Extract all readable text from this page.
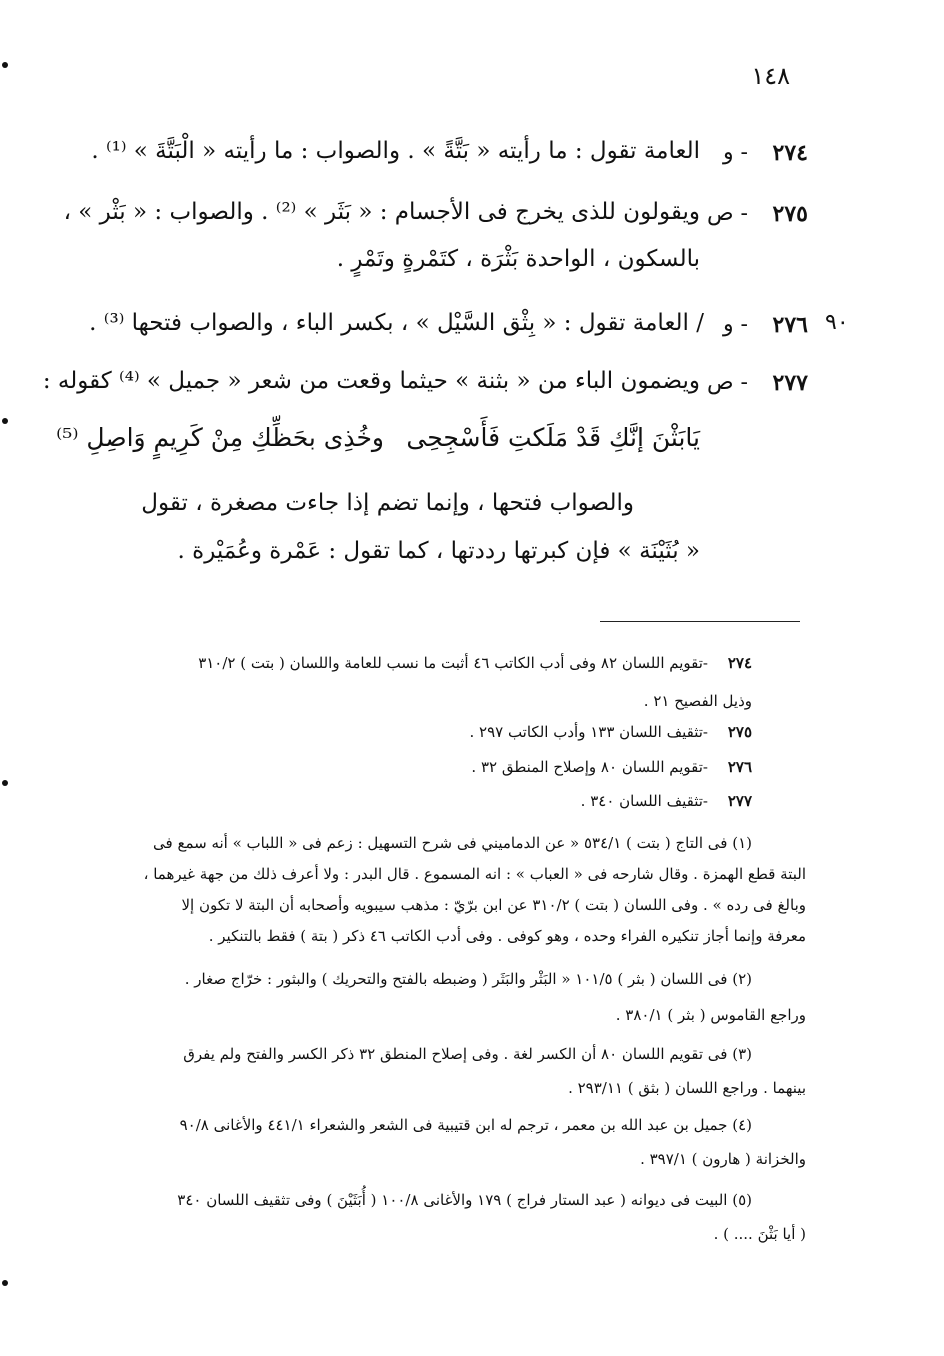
١٤٨
٢٧٤
- و
العامة تقول : ما رأيته « بَتَّةً » . والصواب : ما رأيته « الْبَتَّةَ » ⁽¹⁾ .
٢٧٥
- ص
ويقولون للذى يخرج فى الأجسام : « بَثَر » ⁽²⁾ . والصواب : « بَثْر » ،
بالسكون ، الواحدة بَثْرَة ، كتَمْرةٍ وتَمْرٍ .
٩٠
٢٧٦
- و
/ العامة تقول : « بِثْق السَّيْل » ، بكسر الباء ، والصواب فتحها ⁽³⁾ .
٢٧٧
- ص
ويضمون الباء من « بثنة » حيثما وقعت من شعر « جميل » ⁽⁴⁾ كقوله :
يَابَثْنَ إنَّكِ قَدْ مَلَكتِ فَأَسْجِحِى
وخُذِى بحَظِّكِ مِنْ كَرِيمٍ وَاصِلِ ⁽⁵⁾
والصواب فتحها ، وإنما تضم إذا جاءت مصغرة ، تقول
« بُثَيْنَة » فإن كبرتها رددتها ، كما تقول : عَمْرة وعُمَيْرة .
٢٧٤
-تقويم اللسان ٨٢ وفى أدب الكاتب ٤٦ أثبت ما نسب للعامة واللسان ( بتت ) ٣١٠/٢
وذيل الفصيح ٢١ .
٢٧٥
-تثقيف اللسان ١٣٣ وأدب الكاتب ٢٩٧ .
٢٧٦
-تقويم اللسان ٨٠ وإصلاح المنطق ٣٢ .
٢٧٧
-تثقيف اللسان ٣٤٠ .
(١) فى التاج ( بتت ) ٥٣٤/١ « عن الدماميني فى شرح التسهيل : زعم فى « اللباب » أنه سمع فى
البتة قطع الهمزة . وقال شارحه فى « العباب » : انه المسموع . قال البدر : ولا أعرف ذلك من جهة غيرهما ،
وبالغ فى رده » . وفى اللسان ( بتت ) ٣١٠/٢ عن ابن برّيّ : مذهب سيبويه وأصحابه أن البتة لا تكون إلا
معرفة وإنما أجاز تنكيره الفراء وحده ، وهو كوفى . وفى أدب الكاتب ٤٦ ذكر ( بتة ) فقط بالتنكير .
(٢) فى اللسان ( بثر ) ١٠١/٥ « البَثْر والبَثَر ( وضبطه بالفتح والتحريك ) والبثور : خرّاج صغار .
وراجع القاموس ( بثر ) ٣٨٠/١ .
(٣) فى تقويم اللسان ٨٠ أن الكسر لغة . وفى إصلاح المنطق ٣٢ ذكر الكسر والفتح ولم يفرق
بينهما . وراجع اللسان ( بثق ) ٢٩٣/١١ .
(٤) جميل بن عبد الله بن معمر ، ترجم له ابن قتيبية فى الشعر والشعراء ٤٤١/١ والأغانى ٩٠/٨
والخزانة ( هارون ) ٣٩٧/١ .
(٥) البيت فى ديوانه ( عبد الستار فراج ) ١٧٩ والأغانى ١٠٠/٨ ( أُبَثَيْنَ ) وفى تثقيف اللسان ٣٤٠
( أيا بَثْنَ .... ) .
